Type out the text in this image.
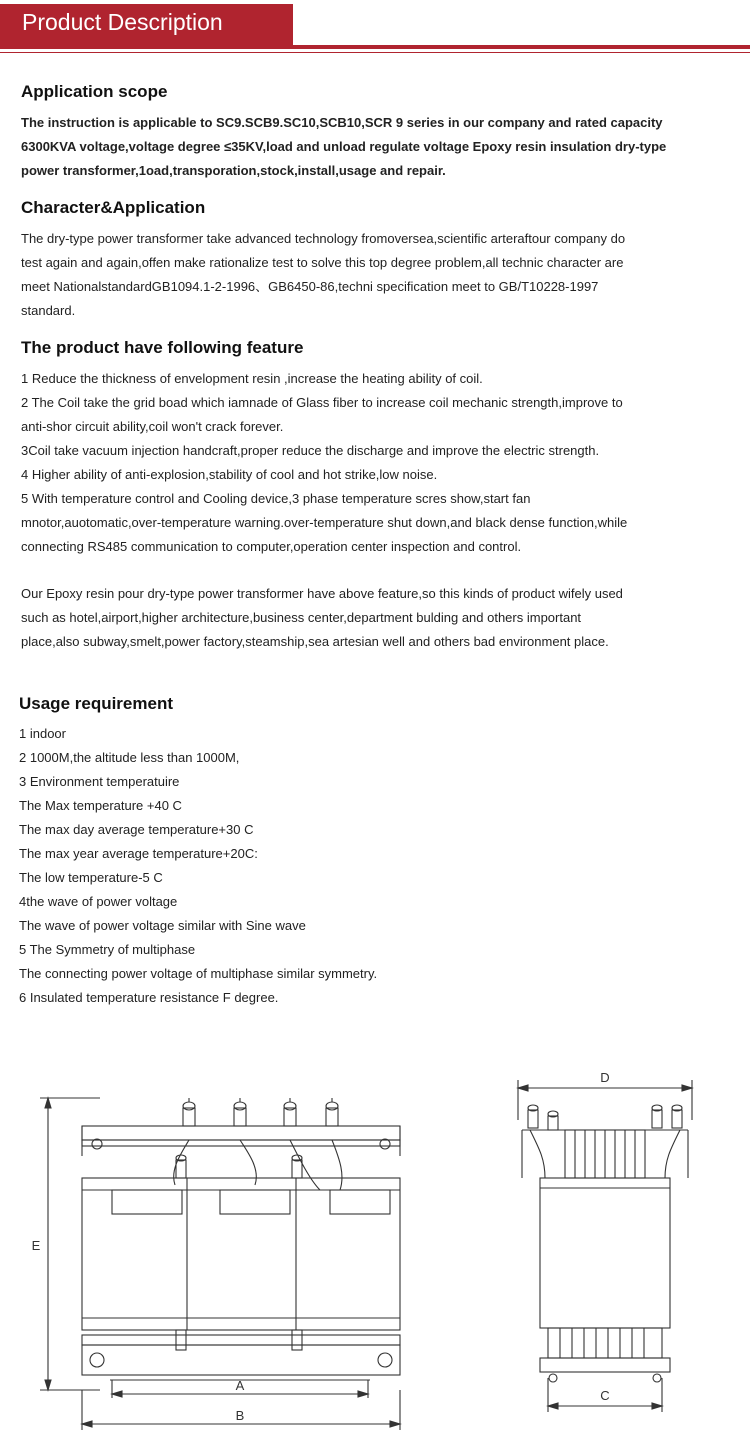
Product Description
Application scope
The instruction is applicable to SC9.SCB9.SC10,SCB10,SCR 9 series in our company and rated capacity
6300KVA voltage,voltage degree ≤35KV,load and unload regulate voltage Epoxy resin insulation dry-type
power transformer,1oad,transporation,stock,install,usage and repair.
Character&Application
The dry-type power transformer take advanced technology fromoversea,scientific arteraftour company do
test again and again,offen make rationalize test to solve this top degree problem,all technic character are
meet NationalstandardGB1094.1-2-1996、GB6450-86,techni specification meet to GB/T10228-1997
standard.
The product have following feature
1 Reduce the thickness of envelopment resin ,increase the heating ability of coil.
2 The Coil take the grid boad which iamnade of Glass fiber to increase coil mechanic strength,improve to
anti-shor circuit ability,coil won't crack forever.
3Coil take vacuum injection handcraft,proper reduce the discharge and improve the electric strength.
4 Higher ability of anti-explosion,stability of cool and hot strike,low noise.
5 With temperature control and Cooling device,3 phase temperature scres show,start fan
mnotor,auotomatic,over-temperature warning.over-temperature shut down,and black dense function,while
connecting RS485 communication to computer,operation center inspection and control.
Our Epoxy resin pour dry-type power transformer have above feature,so this kinds of product wifely used
such as hotel,airport,higher architecture,business center,department bulding and others important
place,also subway,smelt,power factory,steamship,sea artesian well and others bad environment place.
Usage requirement
1 indoor
2 1000M,the altitude less than 1000M,
3 Environment temperatuire
The Max temperature +40 C
The max day average temperature+30 C
The max year average temperature+20C:
The low temperature-5 C
4the wave of power voltage
The wave of power voltage similar with Sine wave
5 The Symmetry of multiphase
The connecting power voltage of multiphase similar symmetry.
6 Insulated temperature resistance F degree.
E
A
B
D
C
